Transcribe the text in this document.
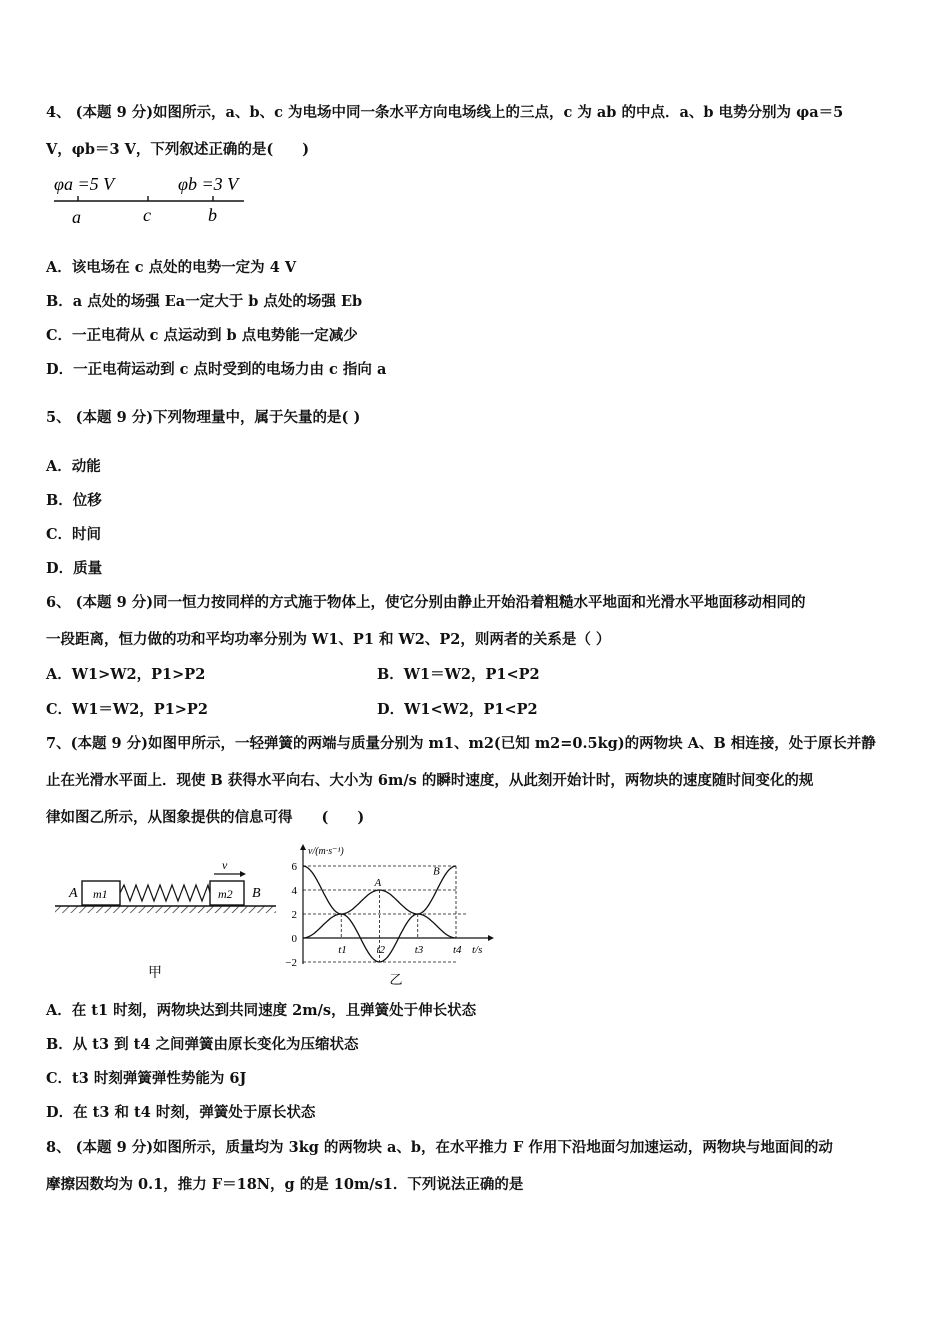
4、 (本题 9 分)如图所示，a、b、c 为电场中同一条水平方向电场线上的三点，c 为 ab 的中点．a、b 电势分别为 φa＝5
V，φb＝3 V，下列叙述正确的是(　　)
φa =5 V	φb =3 V
a	c	b
A．该电场在 c 点处的电势一定为 4 V
B．a 点处的场强 Ea一定大于 b 点处的场强 Eb
C．一正电荷从 c 点运动到 b 点电势能一定减少
D．一正电荷运动到 c 点时受到的电场力由 c 指向 a
5、 (本题 9 分)下列物理量中，属于矢量的是( )
A．动能
B．位移
C．时间
D．质量
6、 (本题 9 分)同一恒力按同样的方式施于物体上，使它分别由静止开始沿着粗糙水平地面和光滑水平地面移动相同的
一段距离，恒力做的功和平均功率分别为 W1、P1 和 W2、P2，则两者的关系是（ ）
A．W1>W2，P1>P2	B．W1＝W2，P1<P2
C．W1＝W2，P1>P2	D．W1<W2，P1<P2
7、(本题 9 分)如图甲所示，一轻弹簧的两端与质量分别为 m1、m2(已知 m2=0.5kg)的两物块 A、B 相连接，处于原长并静
止在光滑水平面上．现使 B 获得水平向右、大小为 6m/s 的瞬时速度，从此刻开始计时，两物块的速度随时间变化的规
律如图乙所示，从图象提供的信息可得　　(　　)
A m1	m2 B
v
甲
v/(m·s⁻¹)
t/s
6
4
2
0
−2
t1	t2	t3	t4
A
B
乙
A．在 t1 时刻，两物块达到共同速度 2m/s，且弹簧处于伸长状态
B．从 t3 到 t4 之间弹簧由原长变化为压缩状态
C．t3 时刻弹簧弹性势能为 6J
D．在 t3 和 t4 时刻，弹簧处于原长状态
8、 (本题 9 分)如图所示，质量均为 3kg 的两物块 a、b，在水平推力 F 作用下沿地面匀加速运动，两物块与地面间的动
摩擦因数均为 0.1，推力 F＝18N，g 的是 10m/s1．下列说法正确的是
